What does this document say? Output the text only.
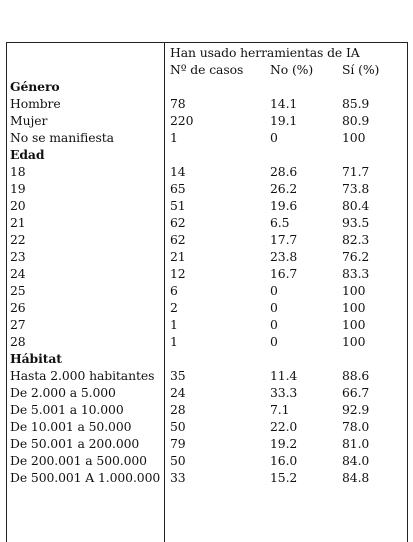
	Han usado herramientas de IA		
	Nº de casos	No (%)	Sí (%)
Género			
Hombre	78	14.1	85.9
Mujer	220	19.1	80.9
No se manifiesta	1	0	100
Edad			
18	14	28.6	71.7
19	65	26.2	73.8
20	51	19.6	80.4
21	62	6.5	93.5
22	62	17.7	82.3
23	21	23.8	76.2
24	12	16.7	83.3
25	6	0	100
26	2	0	100
27	1	0	100
28	1	0	100
Hábitat			
Hasta 2.000 habitantes	35	11.4	88.6
De 2.000 a 5.000	24	33.3	66.7
De 5.001 a 10.000	28	7.1	92.9
De 10.001 a 50.000	50	22.0	78.0
De 50.001 a 200.000	79	19.2	81.0
De 200.001 a 500.000	50	16.0	84.0
De 500.001 A 1.000.000	33	15.2	84.8
